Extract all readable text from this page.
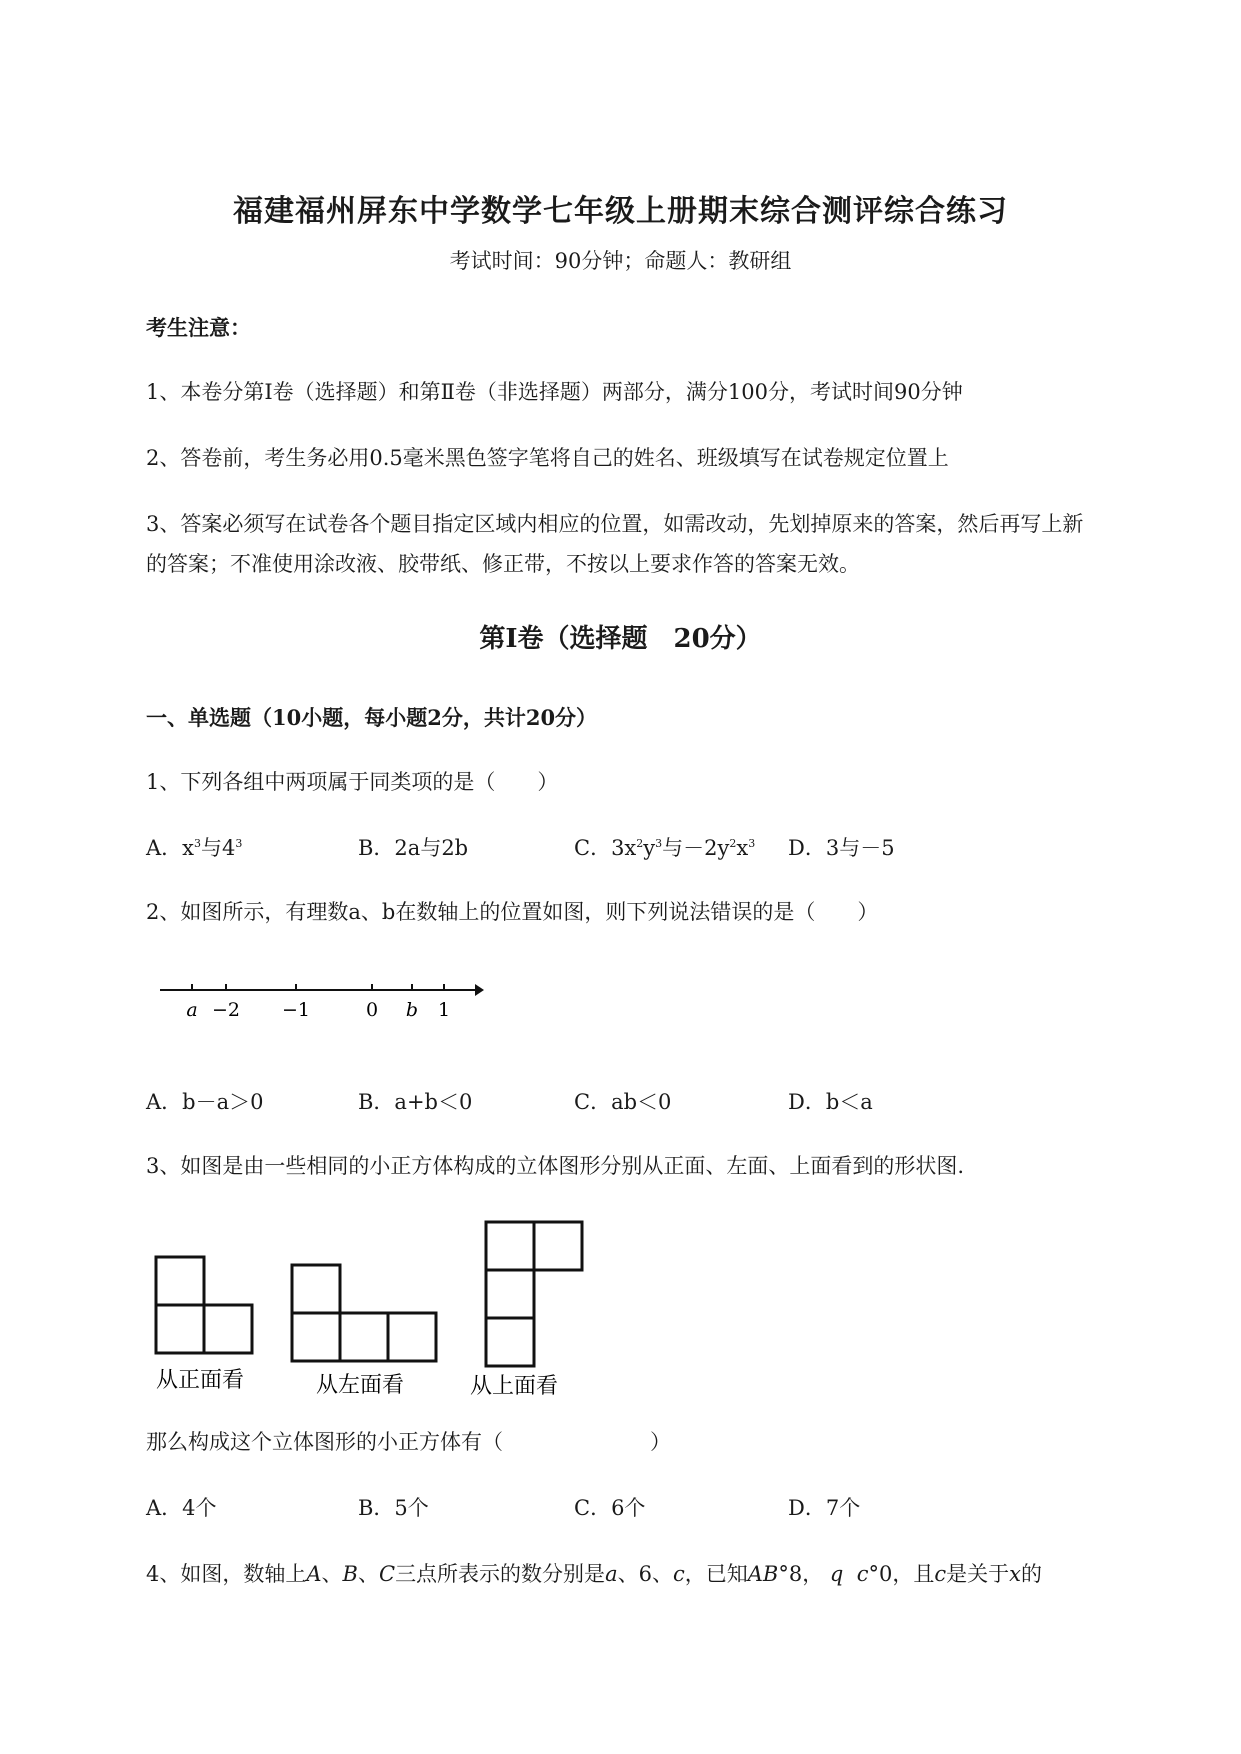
福建福州屏东中学数学七年级上册期末综合测评综合练习
考试时间：90分钟；命题人：教研组
考生注意：
1、本卷分第I卷（选择题）和第Ⅱ卷（非选择题）两部分，满分100分，考试时间90分钟
2、答卷前，考生务必用0.5毫米黑色签字笔将自己的姓名、班级填写在试卷规定位置上
3、答案必须写在试卷各个题目指定区域内相应的位置，如需改动，先划掉原来的答案，然后再写上新
的答案；不准使用涂改液、胶带纸、修正带，不按以上要求作答的答案无效。
第I卷（选择题　20分）
一、单选题（10小题，每小题2分，共计20分）
1、下列各组中两项属于同类项的是（　　）
A．$x^3$与$4^3$	B．2a与2b	C．$3x^2y^3$与$-2y^2x^3$ D．3与－5
2、如图所示，有理数a、b在数轴上的位置如图，则下列说法错误的是（　　）
a −2 −1	0 b 1
A．b－a＞0	B．a+b＜0	C．ab＜0	D．b＜a
3、如图是由一些相同的小正方体构成的立体图形分别从正面、左面、上面看到的形状图.
从正面看	从左面看	从上面看
那么构成这个立体图形的小正方体有（　　　　　　　）
A．4个	B．5个	C．6个	D．7个
4、如图，数轴上A、B、C三点所表示的数分别是a、6、c，已知AB°8， q c°0，且c是关于x的
